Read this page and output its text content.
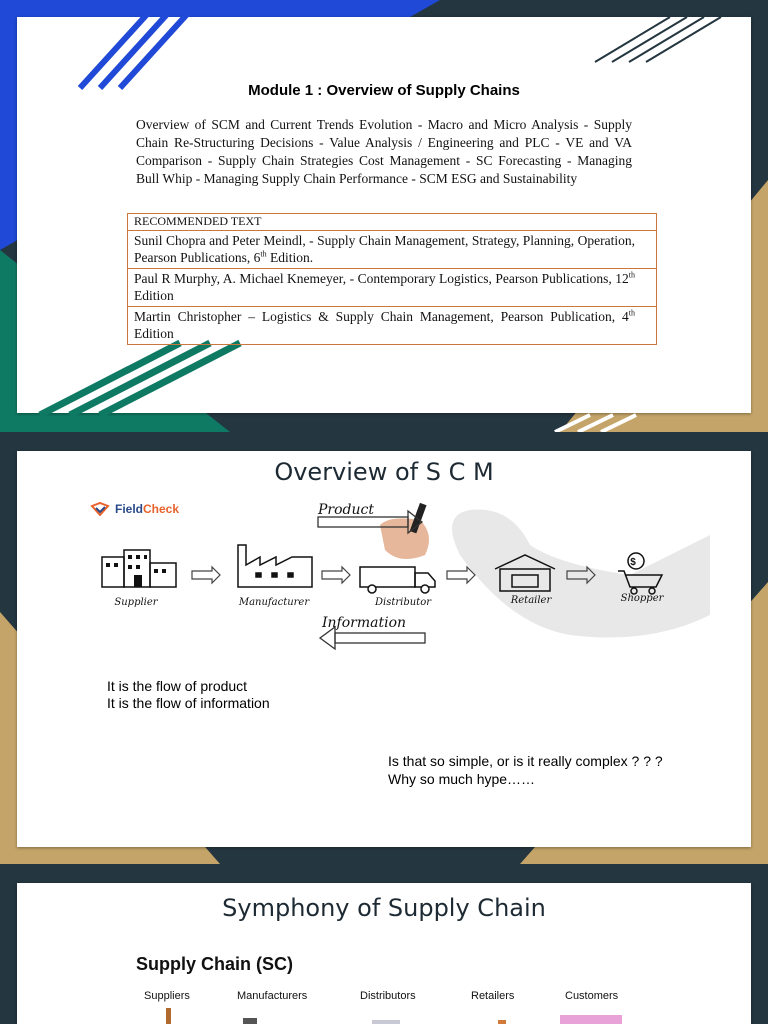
Module 1 : Overview of Supply Chains
Overview of SCM and Current Trends Evolution - Macro and Micro Analysis - Supply Chain Re-Structuring Decisions - Value Analysis / Engineering and PLC - VE and VA Comparison - Supply Chain Strategies Cost Management - SC Forecasting - Managing Bull Whip - Managing Supply Chain Performance - SCM ESG and Sustainability
RECOMMENDED TEXT
Sunil Chopra and Peter Meindl, - Supply Chain Management, Strategy, Planning, Operation, Pearson Publications, 6th Edition.
Paul R Murphy, A. Michael Knemeyer, - Contemporary Logistics, Pearson Publications, 12th Edition
Martin Christopher – Logistics & Supply Chain Management, Pearson Publication, 4th Edition
Overview of S C M
FieldCheck	Product
Information
$
Supplier	Manufacturer	Distributor	Retailer	Shopper
It is the flow of product
It is the flow of information
Is that so simple, or is it really complex ? ? ?
Why so much hype……
Symphony of Supply Chain
Supply Chain (SC)
Suppliers	Manufacturers	Distributors	Retailers	Customers
